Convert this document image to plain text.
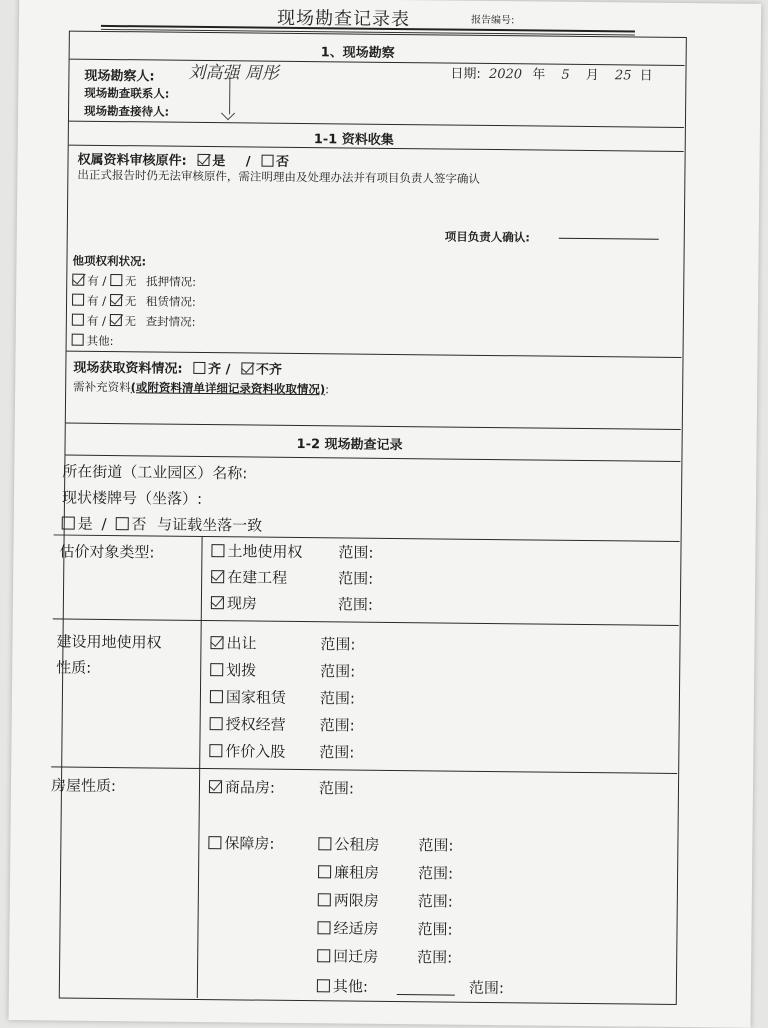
现场勘查记录表	报告编号:
1、现场勘察
现场勘察人: 刘高强 周彤
现场勘查联系人:
现场勘查接待人:
日期: 2020 年 5 月 25 日
1-1 资料收集
权属资料审核原件: 是 / 否
出正式报告时仍无法审核原件，需注明理由及处理办法并有项目负责人签字确认
项目负责人确认:
他项权利状况:
有 / 无 抵押情况:
有 / 无 租赁情况:
有 / 无 查封情况:
其他:
现场获取资料情况: 齐 / 不齐
需补充资料(或附资料清单详细记录资料收取情况):
1-2 现场勘查记录
所在街道（工业园区）名称:
现状楼牌号（坐落）:
是 / 否 与证载坐落一致
估价对象类型:	土地使用权 范围:
在建工程	范围:
现房	范围:
建设用地使用权
性质:
出让	范围:
划拨	范围:
国家租赁 范围:
授权经营 范围:
作价入股 范围:
房屋性质:	商品房:	范围:
保障房:	公租房	范围:
廉租房	范围:
两限房	范围:
经适房	范围:
回迁房	范围:
其他:	范围:
